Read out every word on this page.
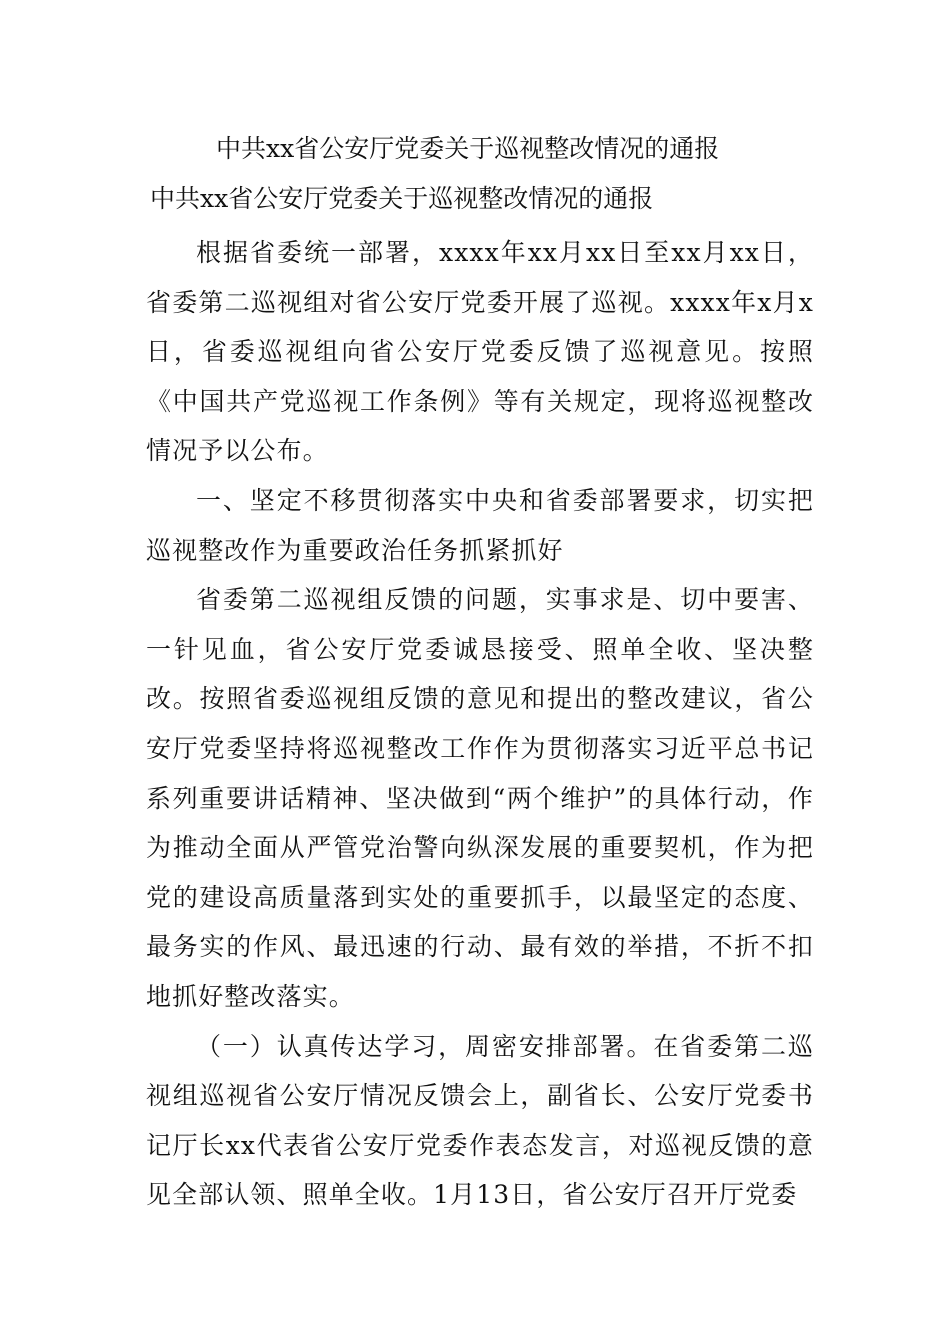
中共xx省公安厅党委关于巡视整改情况的通报
中共xx省公安厅党委关于巡视整改情况的通报

根据省委统一部署，xxxx年xx月xx日至xx月xx日，省委第二巡视组对省公安厅党委开展了巡视。xxxx年x月x日，省委巡视组向省公安厅党委反馈了巡视意见。按照《中国共产党巡视工作条例》等有关规定，现将巡视整改情况予以公布。

一、坚定不移贯彻落实中央和省委部署要求，切实把巡视整改作为重要政治任务抓紧抓好

省委第二巡视组反馈的问题，实事求是、切中要害、一针见血，省公安厅党委诚恳接受、照单全收、坚决整改。按照省委巡视组反馈的意见和提出的整改建议，省公安厅党委坚持将巡视整改工作作为贯彻落实习近平总书记系列重要讲话精神、坚决做到“两个维护”的具体行动，作为推动全面从严管党治警向纵深发展的重要契机，作为把党的建设高质量落到实处的重要抓手，以最坚定的态度、最务实的作风、最迅速的行动、最有效的举措，不折不扣地抓好整改落实。

（一）认真传达学习，周密安排部署。在省委第二巡视组巡视省公安厅情况反馈会上，副省长、公安厅党委书记厅长xx代表省公安厅党委作表态发言，对巡视反馈的意见全部认领、照单全收。1月13日，省公安厅召开厅党委
